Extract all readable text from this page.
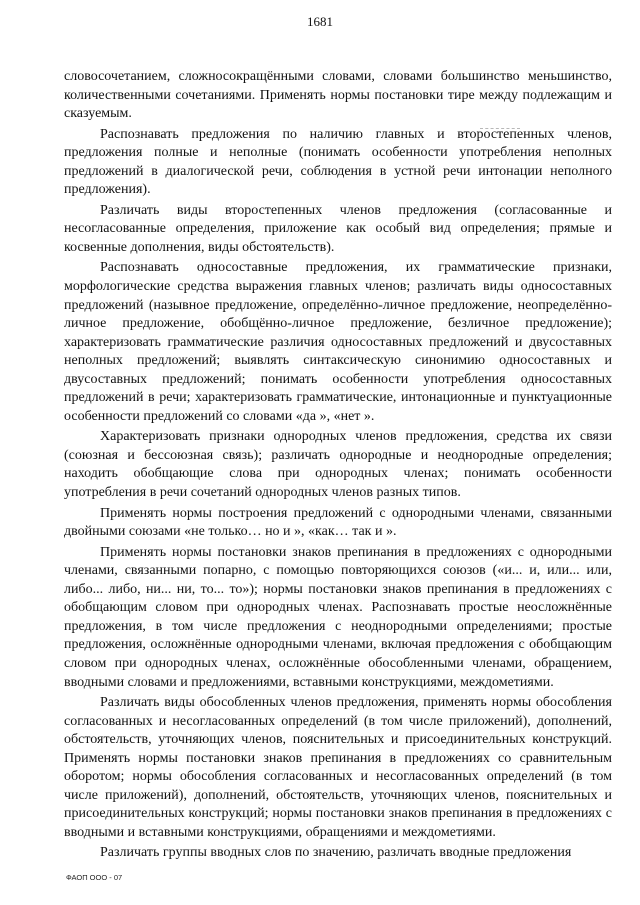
1681

словосочетанием, сложносокращёнными словами, словами большинство меньшинство, количественными сочетаниями. Применять нормы постановки тире между подлежащим и сказуемым.

Распознавать предложения по наличию главных и второстепенных членов, предложения полные и неполные (понимать особенности употребления неполных предложений в диалогической речи, соблюдения в устной речи интонации неполного предложения).

Различать виды второстепенных членов предложения (согласованные и несогласованные определения, приложение как особый вид определения; прямые и косвенные дополнения, виды обстоятельств).

Распознавать односоставные предложения, их грамматические признаки, морфологические средства выражения главных членов; различать виды односоставных предложений (назывное предложение, определённо-личное предложение, неопределённо-личное предложение, обобщённо-личное предложение, безличное предложение); характеризовать грамматические различия односоставных предложений и двусоставных неполных предложений; выявлять синтаксическую синонимию односоставных и двусоставных предложений; понимать особенности употребления односоставных предложений в речи; характеризовать грамматические, интонационные и пунктуационные особенности предложений со словами «да », «нет ».

Характеризовать признаки однородных членов предложения, средства их связи (союзная и бессоюзная связь); различать однородные и неоднородные определения; находить обобщающие слова при однородных членах; понимать особенности употребления в речи сочетаний однородных членов разных типов.

Применять нормы построения предложений с однородными членами, связанными двойными союзами «не только… но и », «как… так и ».

Применять нормы постановки знаков препинания в предложениях с однородными членами, связанными попарно, с помощью повторяющихся союзов («и... и, или... или, либо... либо, ни... ни, то... то»); нормы постановки знаков препинания в предложениях с обобщающим словом при однородных членах. Распознавать простые неосложнённые предложения, в том числе предложения с неоднородными определениями; простые предложения, осложнённые однородными членами, включая предложения с обобщающим словом при однородных членах, осложнённые обособленными членами, обращением, вводными словами и предложениями, вставными конструкциями, междометиями.

Различать виды обособленных членов предложения, применять нормы обособления согласованных и несогласованных определений (в том числе приложений), дополнений, обстоятельств, уточняющих членов, пояснительных и присоединительных конструкций. Применять нормы постановки знаков препинания в предложениях со сравнительным оборотом; нормы обособления согласованных и несогласованных определений (в том числе приложений), дополнений, обстоятельств, уточняющих членов, пояснительных и присоединительных конструкций; нормы постановки знаков препинания в предложениях с вводными и вставными конструкциями, обращениями и междометиями.

Различать группы вводных слов по значению, различать вводные предложения

ФАОП ООО - 07
